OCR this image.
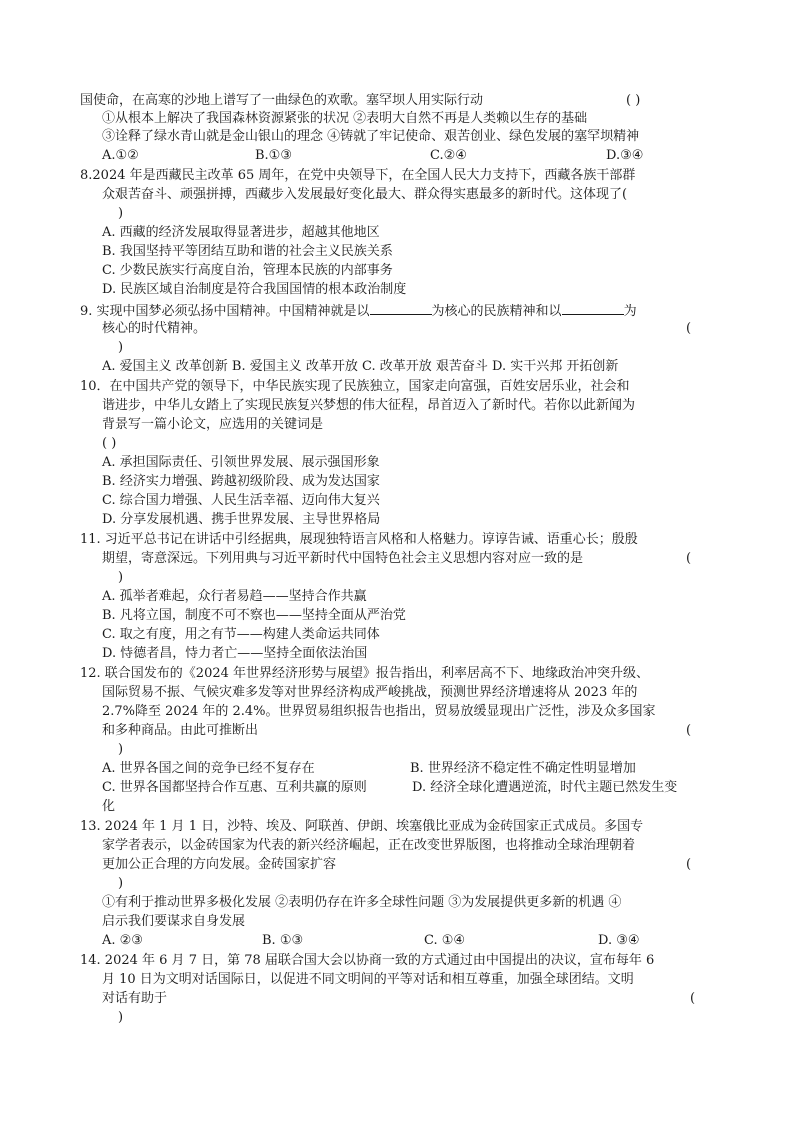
国使命，在高寒的沙地上谱写了一曲绿色的欢歌。塞罕坝人用实际行动	( )
①从根本上解决了我国森林资源紧张的状况 ②表明大自然不再是人类赖以生存的基础
③诠释了绿水青山就是金山银山的理念 ④铸就了牢记使命、艰苦创业、绿色发展的塞罕坝精神
A.①②	B.①③	C.②④	D.③④
8.2024 年是西藏民主改革 65 周年，在党中央领导下，在全国人民大力支持下，西藏各族干部群
众艰苦奋斗、顽强拼搏，西藏步入发展最好变化最大、群众得实惠最多的新时代。这体现了(
)
A. 西藏的经济发展取得显著进步，超越其他地区
B. 我国坚持平等团结互助和谐的社会主义民族关系
C. 少数民族实行高度自治，管理本民族的内部事务
D. 民族区域自治制度是符合我国国情的根本政治制度
9. 实现中国梦必须弘扬中国精神。中国精神就是以	为核心的民族精神和以	为
核心的时代精神。	(
)
A. 爱国主义 改革创新 B. 爱国主义 改革开放 C. 改革开放 艰苦奋斗 D. 实干兴邦 开拓创新
10．在中国共产党的领导下，中华民族实现了民族独立，国家走向富强，百姓安居乐业，社会和
谐进步，中华儿女踏上了实现民族复兴梦想的伟大征程，昂首迈入了新时代。若你以此新闻为
背景写一篇小论文，应选用的关键词是
( )
A. 承担国际责任、引领世界发展、展示强国形象
B. 经济实力增强、跨越初级阶段、成为发达国家
C. 综合国力增强、人民生活幸福、迈向伟大复兴
D. 分享发展机遇、携手世界发展、主导世界格局
11. 习近平总书记在讲话中引经据典，展现独特语言风格和人格魅力。谆谆告诫、语重心长；殷殷
期望，寄意深远。下列用典与习近平新时代中国特色社会主义思想内容对应一致的是	(
)
A. 孤举者难起，众行者易趋——坚持合作共赢
B. 凡将立国，制度不可不察也——坚持全面从严治党
C. 取之有度，用之有节——构建人类命运共同体
D. 恃德者昌，恃力者亡——坚持全面依法治国
12. 联合国发布的《2024 年世界经济形势与展望》报告指出，利率居高不下、地缘政治冲突升级、
国际贸易不振、气候灾难多发等对世界经济构成严峻挑战，预测世界经济增速将从 2023 年的
2.7%降至 2024 年的 2.4%。世界贸易组织报告也指出，贸易放缓显现出广泛性，涉及众多国家
和多种商品。由此可推断出	(
)
A. 世界各国之间的竞争已经不复存在	B. 世界经济不稳定性不确定性明显增加
C. 世界各国都坚持合作互惠、互利共赢的原则	D. 经济全球化遭遇逆流，时代主题已然发生变
化
13. 2024 年 1 月 1 日，沙特、埃及、阿联酋、伊朗、埃塞俄比亚成为金砖国家正式成员。多国专
家学者表示，以金砖国家为代表的新兴经济崛起，正在改变世界版图，也将推动全球治理朝着
更加公正合理的方向发展。金砖国家扩容	(
)
①有利于推动世界多极化发展 ②表明仍存在许多全球性问题 ③为发展提供更多新的机遇 ④
启示我们要谋求自身发展
A. ②③	B. ①③	C. ①④	D. ③④
14. 2024 年 6 月 7 日，第 78 届联合国大会以协商一致的方式通过由中国提出的决议，宣布每年 6
月 10 日为文明对话国际日，以促进不同文明间的平等对话和相互尊重，加强全球团结。文明
对话有助于	(
)
